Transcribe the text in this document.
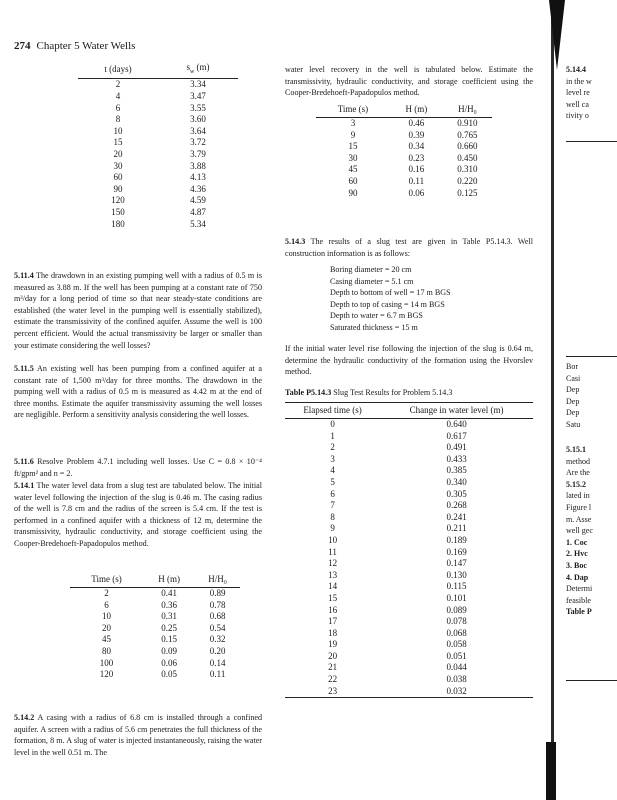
274 Chapter 5 Water Wells
t (days)	$s_w$ (m)
2	3.34
4	3.47
6	3.55
8	3.60
10	3.64
15	3.72
20	3.79
30	3.88
60	4.13
90	4.36
120	4.59
150	4.87
180	5.34
5.11.4 The drawdown in an existing pumping well with a radius of 0.5 m is measured as 3.88 m. If the well has been pumping at a constant rate of 750 m³/day for a long period of time so that near steady-state conditions are established (the water level in the pumping well is essentially stabilized), estimate the transmissivity of the confined aquifer. Assume the well is 100 percent efficient. Would the actual transmissivity be larger or smaller than your estimate considering the well losses?
5.11.5 An existing well has been pumping from a confined aquifer at a constant rate of 1,500 m³/day for three months. The drawdown in the pumping well with a radius of 0.5 m is measured as 4.42 m at the end of three months. Estimate the aquifer transmissivity assuming the well losses are negligible. Perform a sensitivity analysis considering the well losses.
5.11.6 Resolve Problem 4.7.1 including well losses. Use C = 0.8 × 10⁻⁴ ft/gpm² and n = 2.
5.14.1 The water level data from a slug test are tabulated below. The initial water level following the injection of the slug is 0.46 m. The casing radius of the well is 7.8 cm and the radius of the screen is 5.4 cm. If the test is performed in a confined aquifer with a thickness of 12 m, determine the transmissivity, hydraulic conductivity, and storage coefficient using the Cooper-Bredehoeft-Papadopulos method.
Time (s)	H (m)	H/H₀
2	0.41	0.89
6	0.36	0.78
10	0.31	0.68
20	0.25	0.54
45	0.15	0.32
80	0.09	0.20
100	0.06	0.14
120	0.05	0.11
5.14.2 A casing with a radius of 6.8 cm is installed through a confined aquifer. A screen with a radius of 5.6 cm penetrates the full thickness of the formation, 8 m. A slug of water is injected instantaneously, raising the water level in the well 0.51 m. The
water level recovery in the well is tabulated below. Estimate the transmissivity, hydraulic conductivity, and storage coefficient using the Cooper-Bredehoeft-Papadopulos method.
Time (s)	H (m)	H/H₀
3	0.46	0.910
9	0.39	0.765
15	0.34	0.660
30	0.23	0.450
45	0.16	0.310
60	0.11	0.220
90	0.06	0.125
5.14.3 The results of a slug test are given in Table P5.14.3. Well construction information is as follows:
Boring diameter = 20 cm
Casing diameter = 5.1 cm
Depth to bottom of well = 17 m BGS
Depth to top of casing = 14 m BGS
Depth to water = 6.7 m BGS
Saturated thickness = 15 m
If the initial water level rise following the injection of the slug is 0.64 m, determine the hydraulic conductivity of the formation using the Hvorslev method.
Table P5.14.3 Slug Test Results for Problem 5.14.3
Elapsed time (s)	Change in water level (m)
0	0.640
1	0.617
2	0.491
3	0.433
4	0.385
5	0.340
6	0.305
7	0.268
8	0.241
9	0.211
10	0.189
11	0.169
12	0.147
13	0.130
14	0.115
15	0.101
16	0.089
17	0.078
18	0.068
19	0.058
20	0.051
21	0.044
22	0.038
23	0.032
5.14.4
in the w
level re
well ca
tivity o
Bor
Casi
Dep
Dep
Dep
Satu
5.15.1
method
Are the
5.15.2
lated in
Figure l
m. Asse
well gec
1. Coc
2. Hvc
3. Boc
4. Dap
Determi
feasible
Table P
